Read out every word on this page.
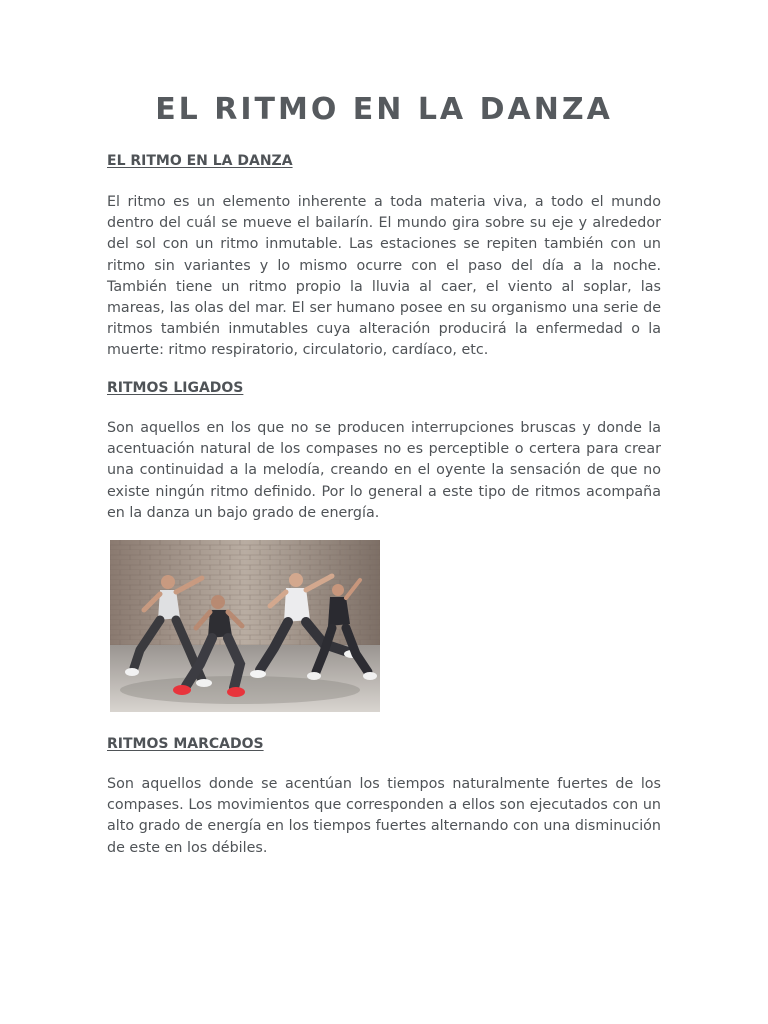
EL RITMO EN LA DANZA
EL RITMO EN LA DANZA

El ritmo es un elemento inherente a toda materia viva, a todo el mundo dentro del cuál se mueve el bailarín. El mundo gira sobre su eje y alrededor del sol con un ritmo inmutable. Las estaciones se repiten también con un ritmo sin variantes y lo mismo ocurre con el paso del día a la noche. También tiene un ritmo propio la lluvia al caer, el viento al soplar, las mareas, las olas del mar. El ser humano posee en su organismo una serie de ritmos también inmutables cuya alteración producirá la enfermedad o la muerte: ritmo respiratorio, circulatorio, cardíaco, etc.

RITMOS LIGADOS

Son aquellos en los que no se producen interrupciones bruscas y donde la acentuación natural de los compases no es perceptible o certera para crear una continuidad a la melodía, creando en el oyente la sensación de que no existe ningún ritmo definido. Por lo general a este tipo de ritmos acompaña en la danza un bajo grado de energía.

RITMOS MARCADOS

Son aquellos donde se acentúan los tiempos naturalmente fuertes de los compases. Los movimientos que corresponden a ellos son ejecutados con un alto grado de energía en los tiempos fuertes alternando con una disminución de este en los débiles.
